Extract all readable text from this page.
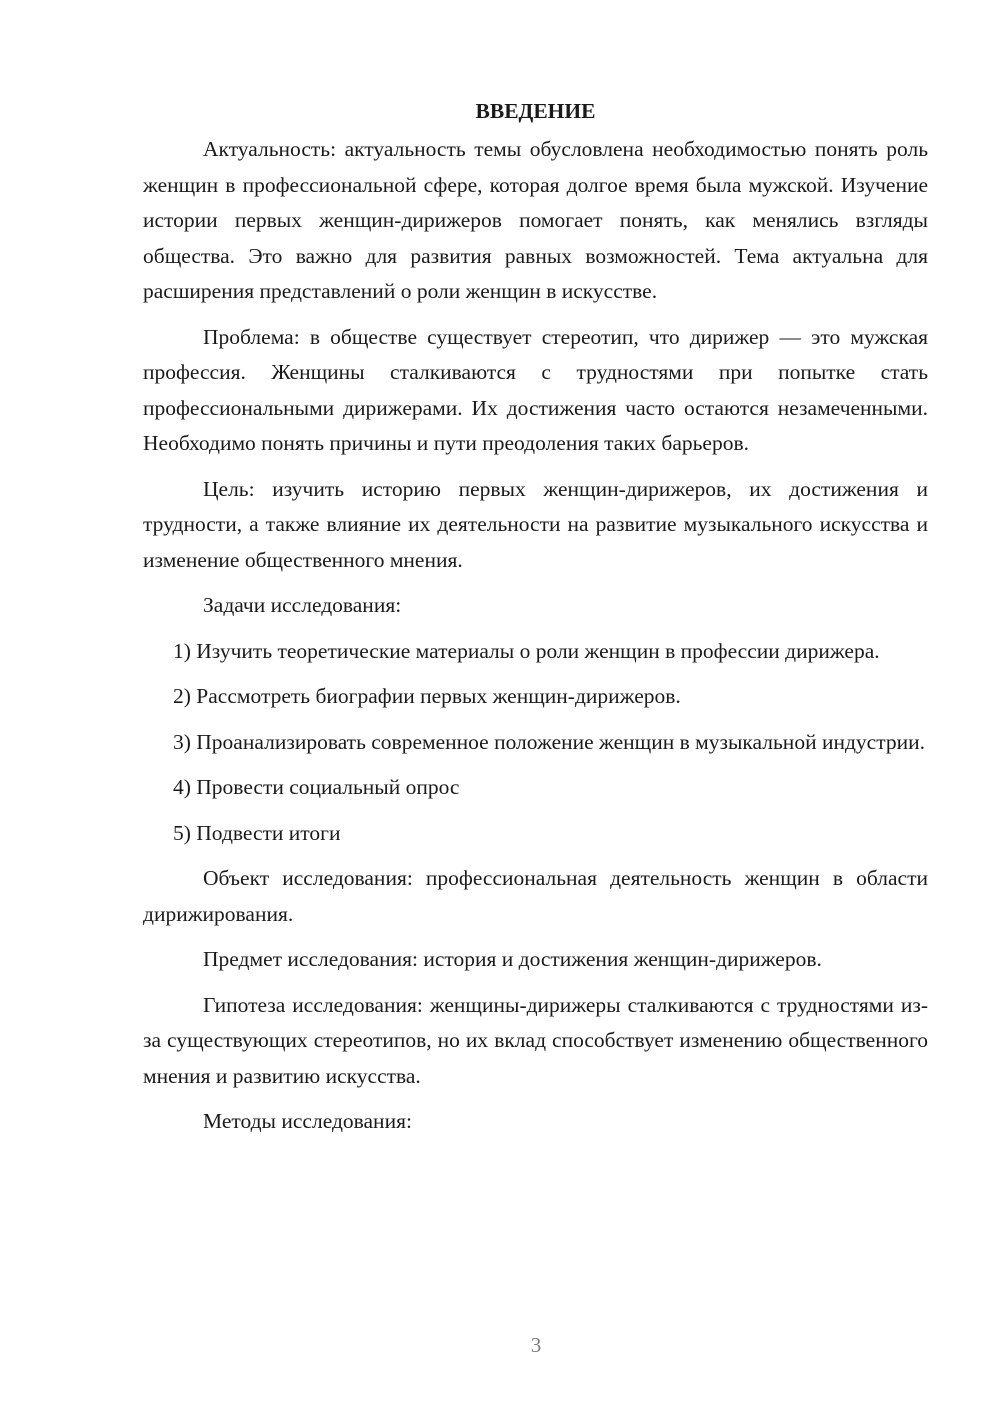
ВВЕДЕНИЕ

Актуальность: актуальность темы обусловлена необходимостью понять роль женщин в профессиональной сфере, которая долгое время была мужской. Изучение истории первых женщин-дирижеров помогает понять, как менялись взгляды общества. Это важно для развития равных возможностей. Тема актуальна для расширения представлений о роли женщин в искусстве.

Проблема: в обществе существует стереотип, что дирижер — это мужская профессия. Женщины сталкиваются с трудностями при попытке стать профессиональными дирижерами. Их достижения часто остаются незамеченными. Необходимо понять причины и пути преодоления таких барьеров.

Цель: изучить историю первых женщин-дирижеров, их достижения и трудности, а также влияние их деятельности на развитие музыкального искусства и изменение общественного мнения.

Задачи исследования:

1) Изучить теоретические материалы о роли женщин в профессии дирижера.

2) Рассмотреть биографии первых женщин-дирижеров.

3) Проанализировать современное положение женщин в музыкальной индустрии.

4) Провести социальный опрос

5) Подвести итоги

Объект исследования: профессиональная деятельность женщин в области дирижирования.

Предмет исследования: история и достижения женщин-дирижеров.

Гипотеза исследования: женщины-дирижеры сталкиваются с трудностями из-за существующих стереотипов, но их вклад способствует изменению общественного мнения и развитию искусства.

Методы исследования:

3
